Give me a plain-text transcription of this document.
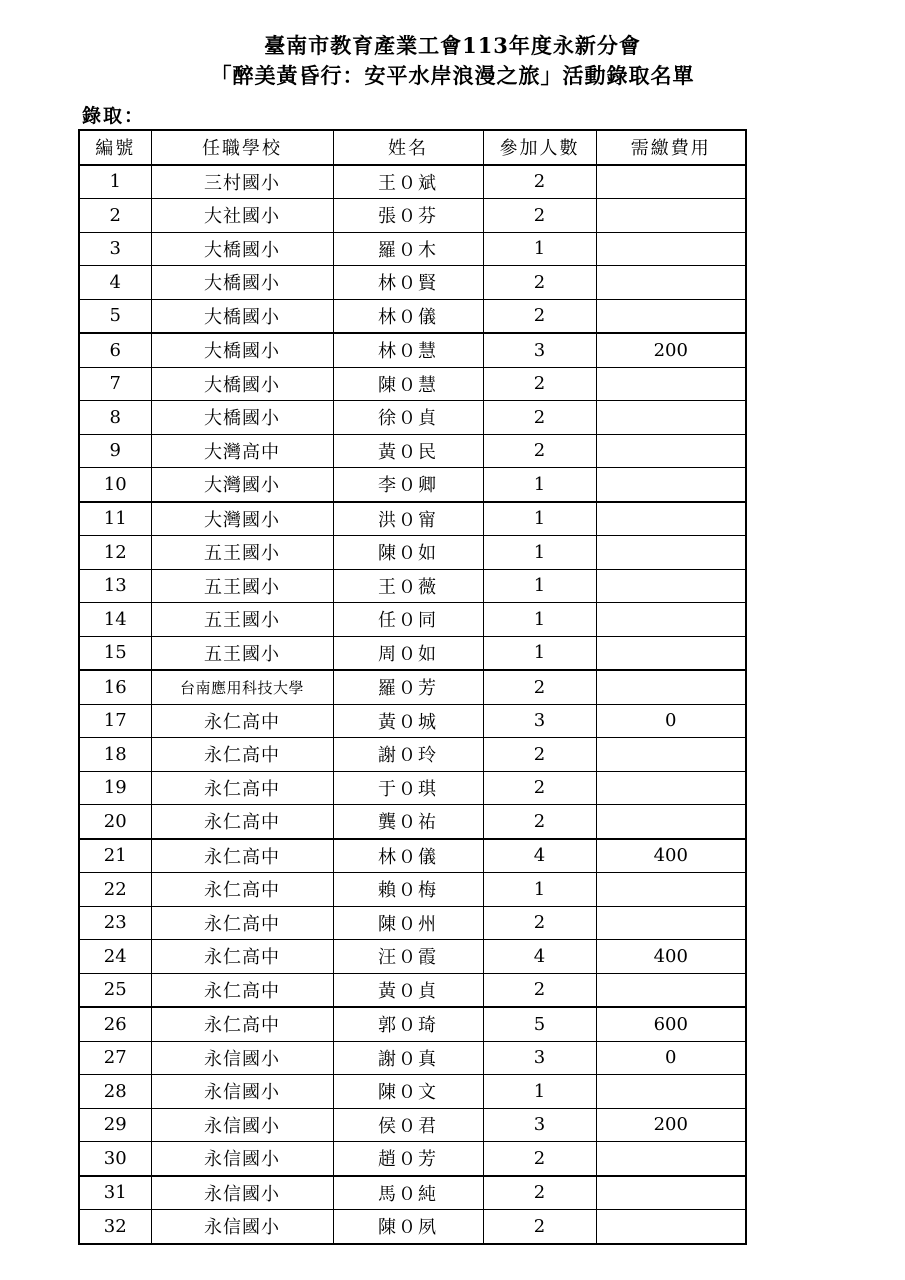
臺南市教育產業工會113年度永新分會
「醉美黃昏行：安平水岸浪漫之旅」活動錄取名單
錄取：
編號	任職學校	姓名	參加人數	需繳費用
1	三村國小	王０斌	2	
2	大社國小	張０芬	2	
3	大橋國小	羅０木	1	
4	大橋國小	林０賢	2	
5	大橋國小	林０儀	2	
6	大橋國小	林０慧	3	200
7	大橋國小	陳０慧	2	
8	大橋國小	徐０貞	2	
9	大灣高中	黃０民	2	
10	大灣國小	李０卿	1	
11	大灣國小	洪０甯	1	
12	五王國小	陳０如	1	
13	五王國小	王０薇	1	
14	五王國小	任０同	1	
15	五王國小	周０如	1	
16	台南應用科技大學	羅０芳	2	
17	永仁高中	黃０城	3	0
18	永仁高中	謝０玲	2	
19	永仁高中	于０琪	2	
20	永仁高中	龔０祐	2	
21	永仁高中	林０儀	4	400
22	永仁高中	賴０梅	1	
23	永仁高中	陳０州	2	
24	永仁高中	汪０霞	4	400
25	永仁高中	黃０貞	2	
26	永仁高中	郭０琦	5	600
27	永信國小	謝０真	3	0
28	永信國小	陳０文	1	
29	永信國小	侯０君	3	200
30	永信國小	趙０芳	2	
31	永信國小	馬０純	2	
32	永信國小	陳０夙	2	
